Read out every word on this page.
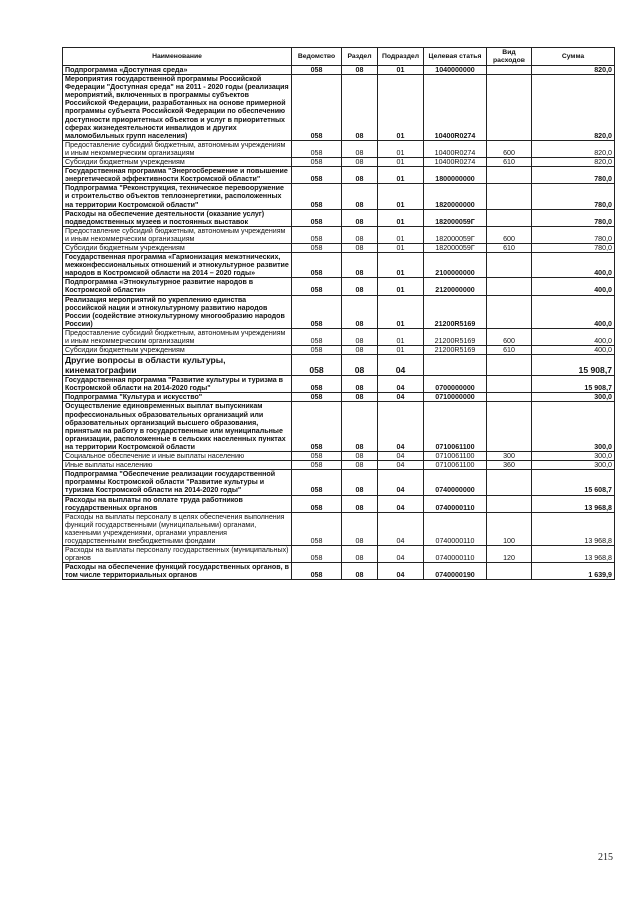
Наименование	Ведомство	Раздел	Подраздел	Целевая статья	Вид расходов	Сумма
Подпрограмма «Доступная среда»	058	08	01	1040000000		820,0
Мероприятия государственной программы Российской Федерации "Доступная среда" на 2011 - 2020 годы (реализация мероприятий, включенных в программы субъектов Российской Федерации, разработанных на основе примерной программы субъекта Российской Федерации по обеспечению доступности приоритетных объектов и услуг в приоритетных сферах жизнедеятельности инвалидов и других маломобильных групп населения)	058	08	01	10400R0274		820,0
Предоставление субсидий бюджетным, автономным учреждениям и иным некоммерческим организациям	058	08	01	10400R0274	600	820,0
Субсидии бюджетным учреждениям	058	08	01	10400R0274	610	820,0
Государственная программа "Энергосбережение и повышение энергетической эффективности Костромской области"	058	08	01	1800000000		780,0
Подпрограмма "Реконструкция, техническое перевооружение и строительство объектов теплоэнергетики, расположенных на территории Костромской области"	058	08	01	1820000000		780,0
Расходы на обеспечение деятельности (оказание услуг) подведомственных музеев и постоянных выставок	058	08	01	182000059Г		780,0
Предоставление субсидий бюджетным, автономным учреждениям и иным некоммерческим организациям	058	08	01	182000059Г	600	780,0
Субсидии бюджетным учреждениям	058	08	01	182000059Г	610	780,0
Государственная программа «Гармонизация межэтнических, межконфессиональных отношений и этнокультурное развитие народов в Костромской области на 2014 – 2020 годы»	058	08	01	2100000000		400,0
Подпрограмма «Этнокультурное развитие народов в Костромской области»	058	08	01	2120000000		400,0
Реализация мероприятий по укреплению единства российской нации и этнокультурному развитию народов России (содействие этнокультурному многообразию народов России)	058	08	01	21200R5169		400,0
Предоставление субсидий бюджетным, автономным учреждениям и иным некоммерческим организациям	058	08	01	21200R5169	600	400,0
Субсидии бюджетным учреждениям	058	08	01	21200R5169	610	400,0
Другие вопросы в области культуры, кинематографии	058	08	04			15 908,7
Государственная программа "Развитие культуры и туризма в Костромской области на 2014-2020 годы"	058	08	04	0700000000		15 908,7
Подпрограмма "Культура и искусство"	058	08	04	0710000000		300,0
Осуществление единовременных выплат выпускникам профессиональных образовательных организаций или образовательных организаций высшего образования, принятым на работу в государственные или муниципальные организации, расположенные в сельских населенных пунктах на территории Костромской области	058	08	04	0710061100		300,0
Социальное обеспечение и иные выплаты населению	058	08	04	0710061100	300	300,0
Иные выплаты населению	058	08	04	0710061100	360	300,0
Подпрограмма "Обеспечение реализации государственной программы Костромской области "Развитие культуры и туризма Костромской области на 2014-2020 годы"	058	08	04	0740000000		15 608,7
Расходы на выплаты по оплате труда работников государственных органов	058	08	04	0740000110		13 968,8
Расходы на выплаты персоналу в целях обеспечения выполнения функций государственными (муниципальными) органами, казенными учреждениями, органами управления государственными внебюджетными фондами	058	08	04	0740000110	100	13 968,8
Расходы на выплаты персоналу государственных (муниципальных) органов	058	08	04	0740000110	120	13 968,8
Расходы на обеспечение функций государственных органов, в том числе территориальных органов	058	08	04	0740000190		1 639,9
215
